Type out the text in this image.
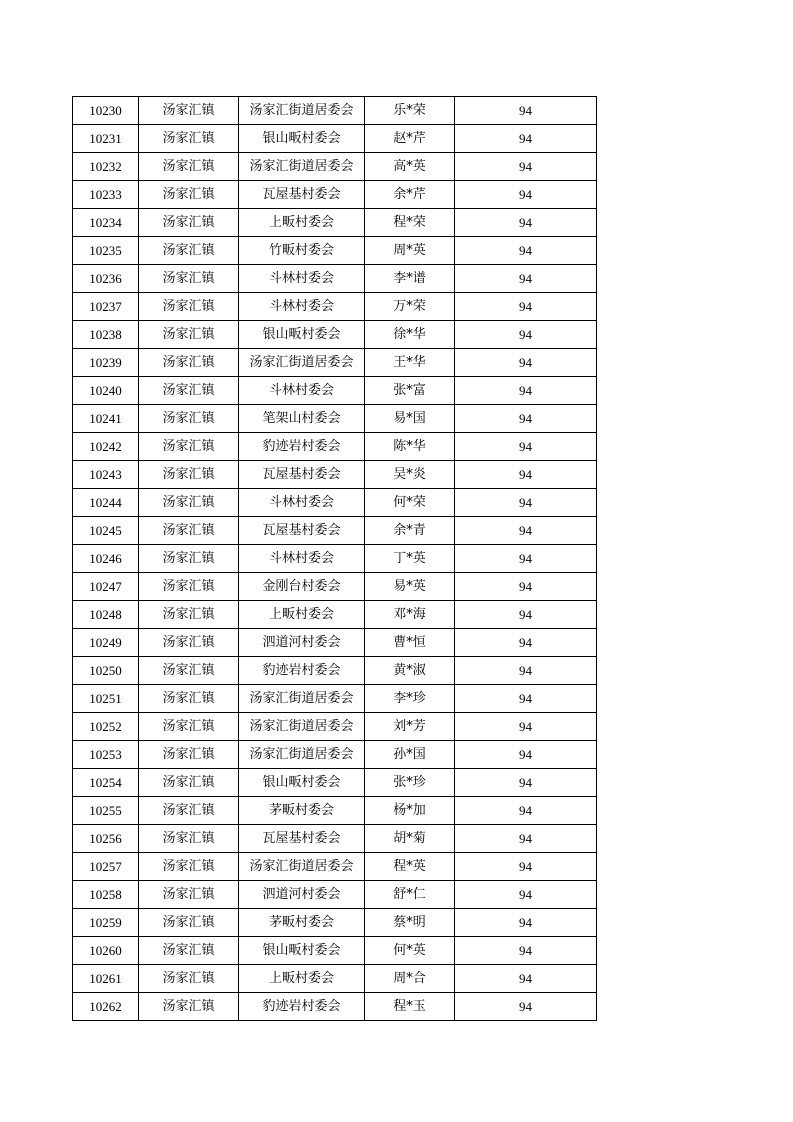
10230	汤家汇镇	汤家汇街道居委会	乐*荣	94
10231	汤家汇镇	银山畈村委会	赵*芹	94
10232	汤家汇镇	汤家汇街道居委会	高*英	94
10233	汤家汇镇	瓦屋基村委会	余*芹	94
10234	汤家汇镇	上畈村委会	程*荣	94
10235	汤家汇镇	竹畈村委会	周*英	94
10236	汤家汇镇	斗林村委会	李*谱	94
10237	汤家汇镇	斗林村委会	万*荣	94
10238	汤家汇镇	银山畈村委会	徐*华	94
10239	汤家汇镇	汤家汇街道居委会	王*华	94
10240	汤家汇镇	斗林村委会	张*富	94
10241	汤家汇镇	笔架山村委会	易*国	94
10242	汤家汇镇	豹迹岩村委会	陈*华	94
10243	汤家汇镇	瓦屋基村委会	吴*炎	94
10244	汤家汇镇	斗林村委会	何*荣	94
10245	汤家汇镇	瓦屋基村委会	余*青	94
10246	汤家汇镇	斗林村委会	丁*英	94
10247	汤家汇镇	金刚台村委会	易*英	94
10248	汤家汇镇	上畈村委会	邓*海	94
10249	汤家汇镇	泗道河村委会	曹*恒	94
10250	汤家汇镇	豹迹岩村委会	黄*淑	94
10251	汤家汇镇	汤家汇街道居委会	李*珍	94
10252	汤家汇镇	汤家汇街道居委会	刘*芳	94
10253	汤家汇镇	汤家汇街道居委会	孙*国	94
10254	汤家汇镇	银山畈村委会	张*珍	94
10255	汤家汇镇	茅畈村委会	杨*加	94
10256	汤家汇镇	瓦屋基村委会	胡*菊	94
10257	汤家汇镇	汤家汇街道居委会	程*英	94
10258	汤家汇镇	泗道河村委会	舒*仁	94
10259	汤家汇镇	茅畈村委会	蔡*明	94
10260	汤家汇镇	银山畈村委会	何*英	94
10261	汤家汇镇	上畈村委会	周*合	94
10262	汤家汇镇	豹迹岩村委会	程*玉	94
